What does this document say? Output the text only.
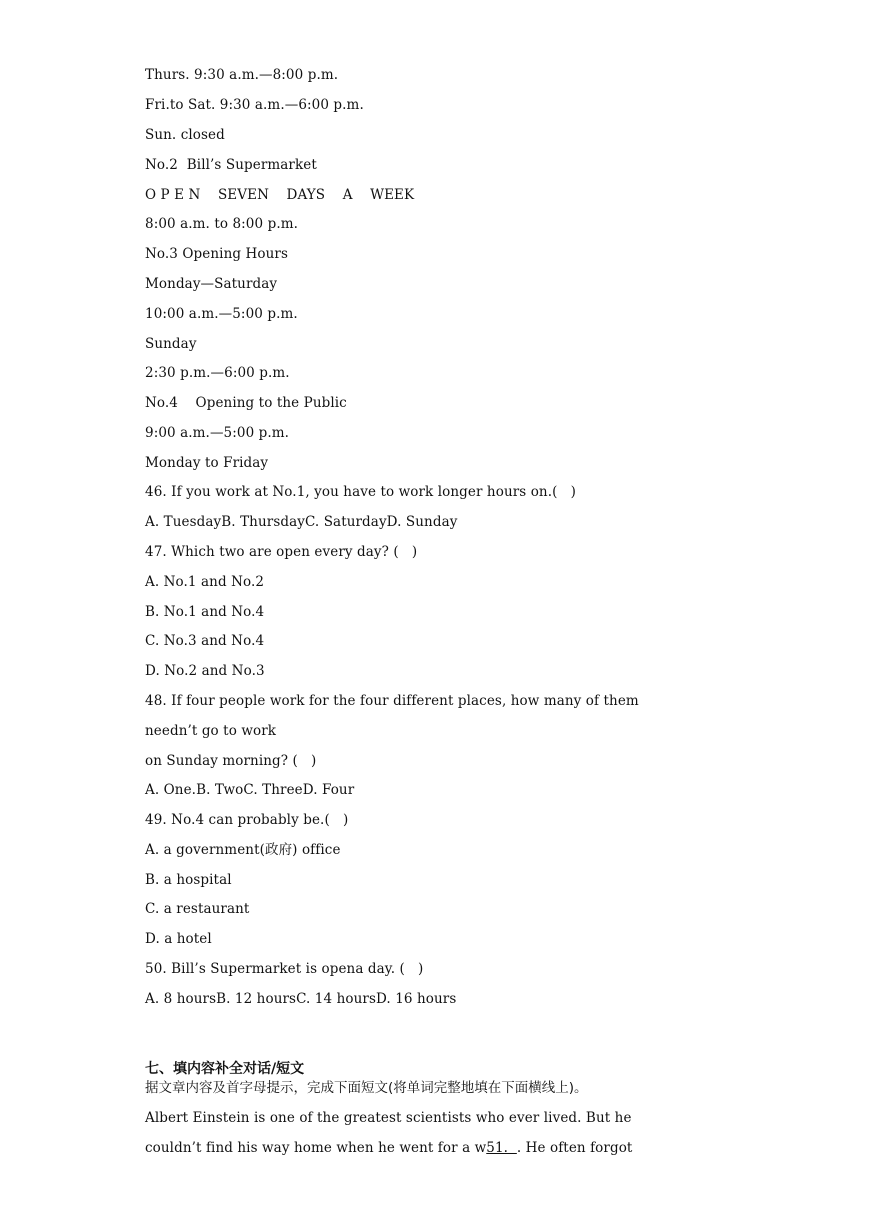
Thurs. 9:30 a.m.—8:00 p.m.
Fri.to Sat. 9:30 a.m.—6:00 p.m.
Sun. closed
No.2  Bill’s Supermarket
O P E N    SEVEN    DAYS    A    WEEK
8:00 a.m. to 8:00 p.m.
No.3 Opening Hours
Monday—Saturday
10:00 a.m.—5:00 p.m.
Sunday
2:30 p.m.—6:00 p.m.
No.4    Opening to the Public
9:00 a.m.—5:00 p.m.
Monday to Friday
46. If you work at No.1, you have to work longer hours on.(   )
A. TuesdayB. ThursdayC. SaturdayD. Sunday
47. Which two are open every day? (   )
A. No.1 and No.2
B. No.1 and No.4
C. No.3 and No.4
D. No.2 and No.3
48. If four people work for the four different places, how many of them
needn’t go to work
on Sunday morning? (   )
A. One.B. TwoC. ThreeD. Four
49. No.4 can probably be.(   )
A. a government(政府) office
B. a hospital
C. a restaurant
D. a hotel
50. Bill’s Supermarket is opena day. (   )
A. 8 hoursB. 12 hoursC. 14 hoursD. 16 hours
七、填内容补全对话/短文
据文章内容及首字母提示，完成下面短文(将单词完整地填在下面横线上)。
Albert Einstein is one of the greatest scientists who ever lived. But he
couldn’t find his way home when he went for a w51.  . He often forgot
